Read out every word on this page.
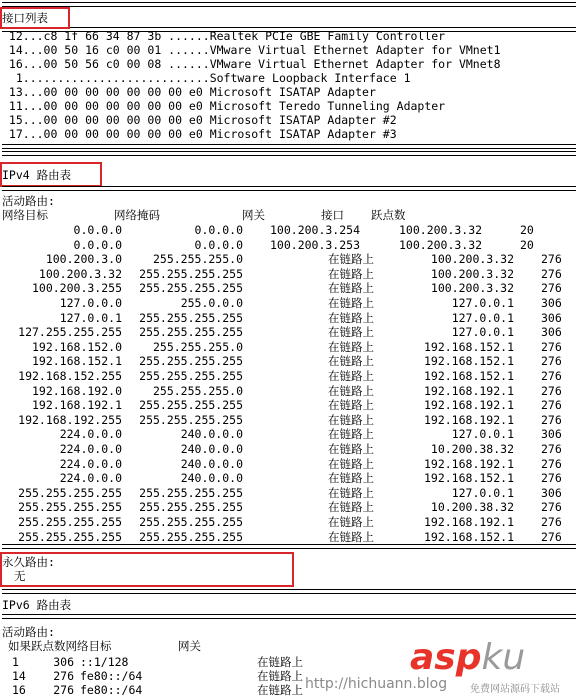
接口列表
12...c8 1f 66 34 87 3b ......Realtek PCIe GBE Family Controller
14...00 50 16 c0 00 01 ......VMware Virtual Ethernet Adapter for VMnet1
16...00 50 56 c0 00 08 ......VMware Virtual Ethernet Adapter for VMnet8
1...........................Software Loopback Interface 1
13...00 00 00 00 00 00 00 e0 Microsoft ISATAP Adapter
11...00 00 00 00 00 00 00 e0 Microsoft Teredo Tunneling Adapter
15...00 00 00 00 00 00 00 e0 Microsoft ISATAP Adapter #2
17...00 00 00 00 00 00 00 e0 Microsoft ISATAP Adapter #3
IPv4 路由表
活动路由:
网络目标	网络掩码	网关	接口 跃点数
0.0.0.0	0.0.0.0 100.200.3.254	100.200.3.32	20
0.0.0.0	0.0.0.0 100.200.3.253	100.200.3.32	20
100.200.3.0	255.255.255.0	在链路上	100.200.3.32 276
100.200.3.32 255.255.255.255	在链路上	100.200.3.32 276
100.200.3.255 255.255.255.255	在链路上	100.200.3.32 276
127.0.0.0	255.0.0.0	在链路上	127.0.0.1 306
127.0.0.1 255.255.255.255	在链路上	127.0.0.1 306
127.255.255.255 255.255.255.255	在链路上	127.0.0.1 306
192.168.152.0	255.255.255.0	在链路上	192.168.152.1 276
192.168.152.1 255.255.255.255	在链路上	192.168.152.1 276
192.168.152.255 255.255.255.255	在链路上	192.168.152.1 276
192.168.192.0	255.255.255.0	在链路上	192.168.192.1 276
192.168.192.1 255.255.255.255	在链路上	192.168.192.1 276
192.168.192.255 255.255.255.255	在链路上	192.168.192.1 276
224.0.0.0	240.0.0.0	在链路上	127.0.0.1 306
224.0.0.0	240.0.0.0	在链路上	10.200.38.32 276
224.0.0.0	240.0.0.0	在链路上	192.168.192.1 276
224.0.0.0	240.0.0.0	在链路上	192.168.152.1 276
255.255.255.255 255.255.255.255	在链路上	127.0.0.1 306
255.255.255.255 255.255.255.255	在链路上	10.200.38.32 276
255.255.255.255 255.255.255.255	在链路上	192.168.192.1 276
255.255.255.255 255.255.255.255	在链路上	192.168.152.1 276
永久路由:
无
IPv6 路由表
活动路由:
如果跃点数网络目标	网关
1	306 ::1/128	在链路上
14 276 fe80::/64	在链路上
16 276 fe80::/64	在链路上
aspku
http://hichuann.blog 免费网站源码下载站
